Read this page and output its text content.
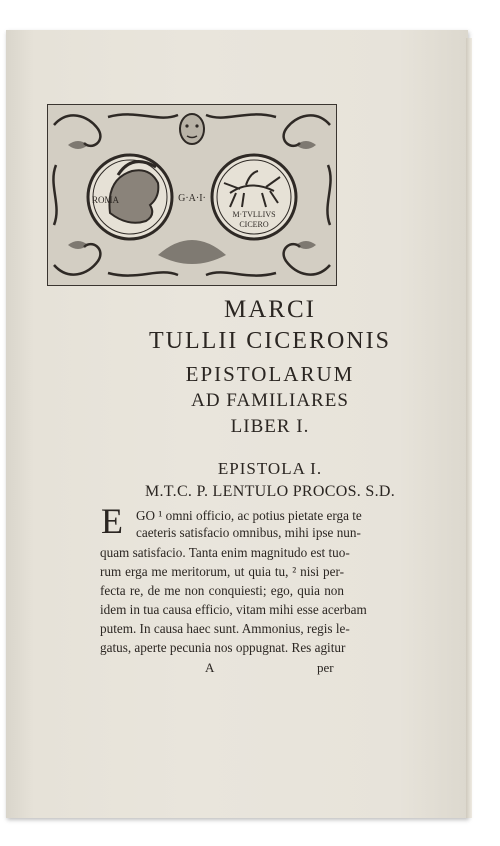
ROMA	G·A·I·
M·TVLLIVS
CICERO
MARCI
TULLII CICERONIS
EPISTOLARUM
AD FAMILIARES
LIBER I.
EPISTOLA I.
M.T.C. P. LENTULO PROCOS. S.D.
E GO ¹ omni officio, ac potius pietate erga te
caeteris satisfacio omnibus, mihi ipse nun-
quam satisfacio. Tanta enim magnitudo est tuo-
rum erga me meritorum, ut quia tu, ² nisi per-
fecta re, de me non conquiesti; ego, quia non
idem in tua causa efficio, vitam mihi esse acerbam
putem. In causa haec sunt. Ammonius, regis le-
gatus, aperte pecunia nos oppugnat. Res agitur
A	per
